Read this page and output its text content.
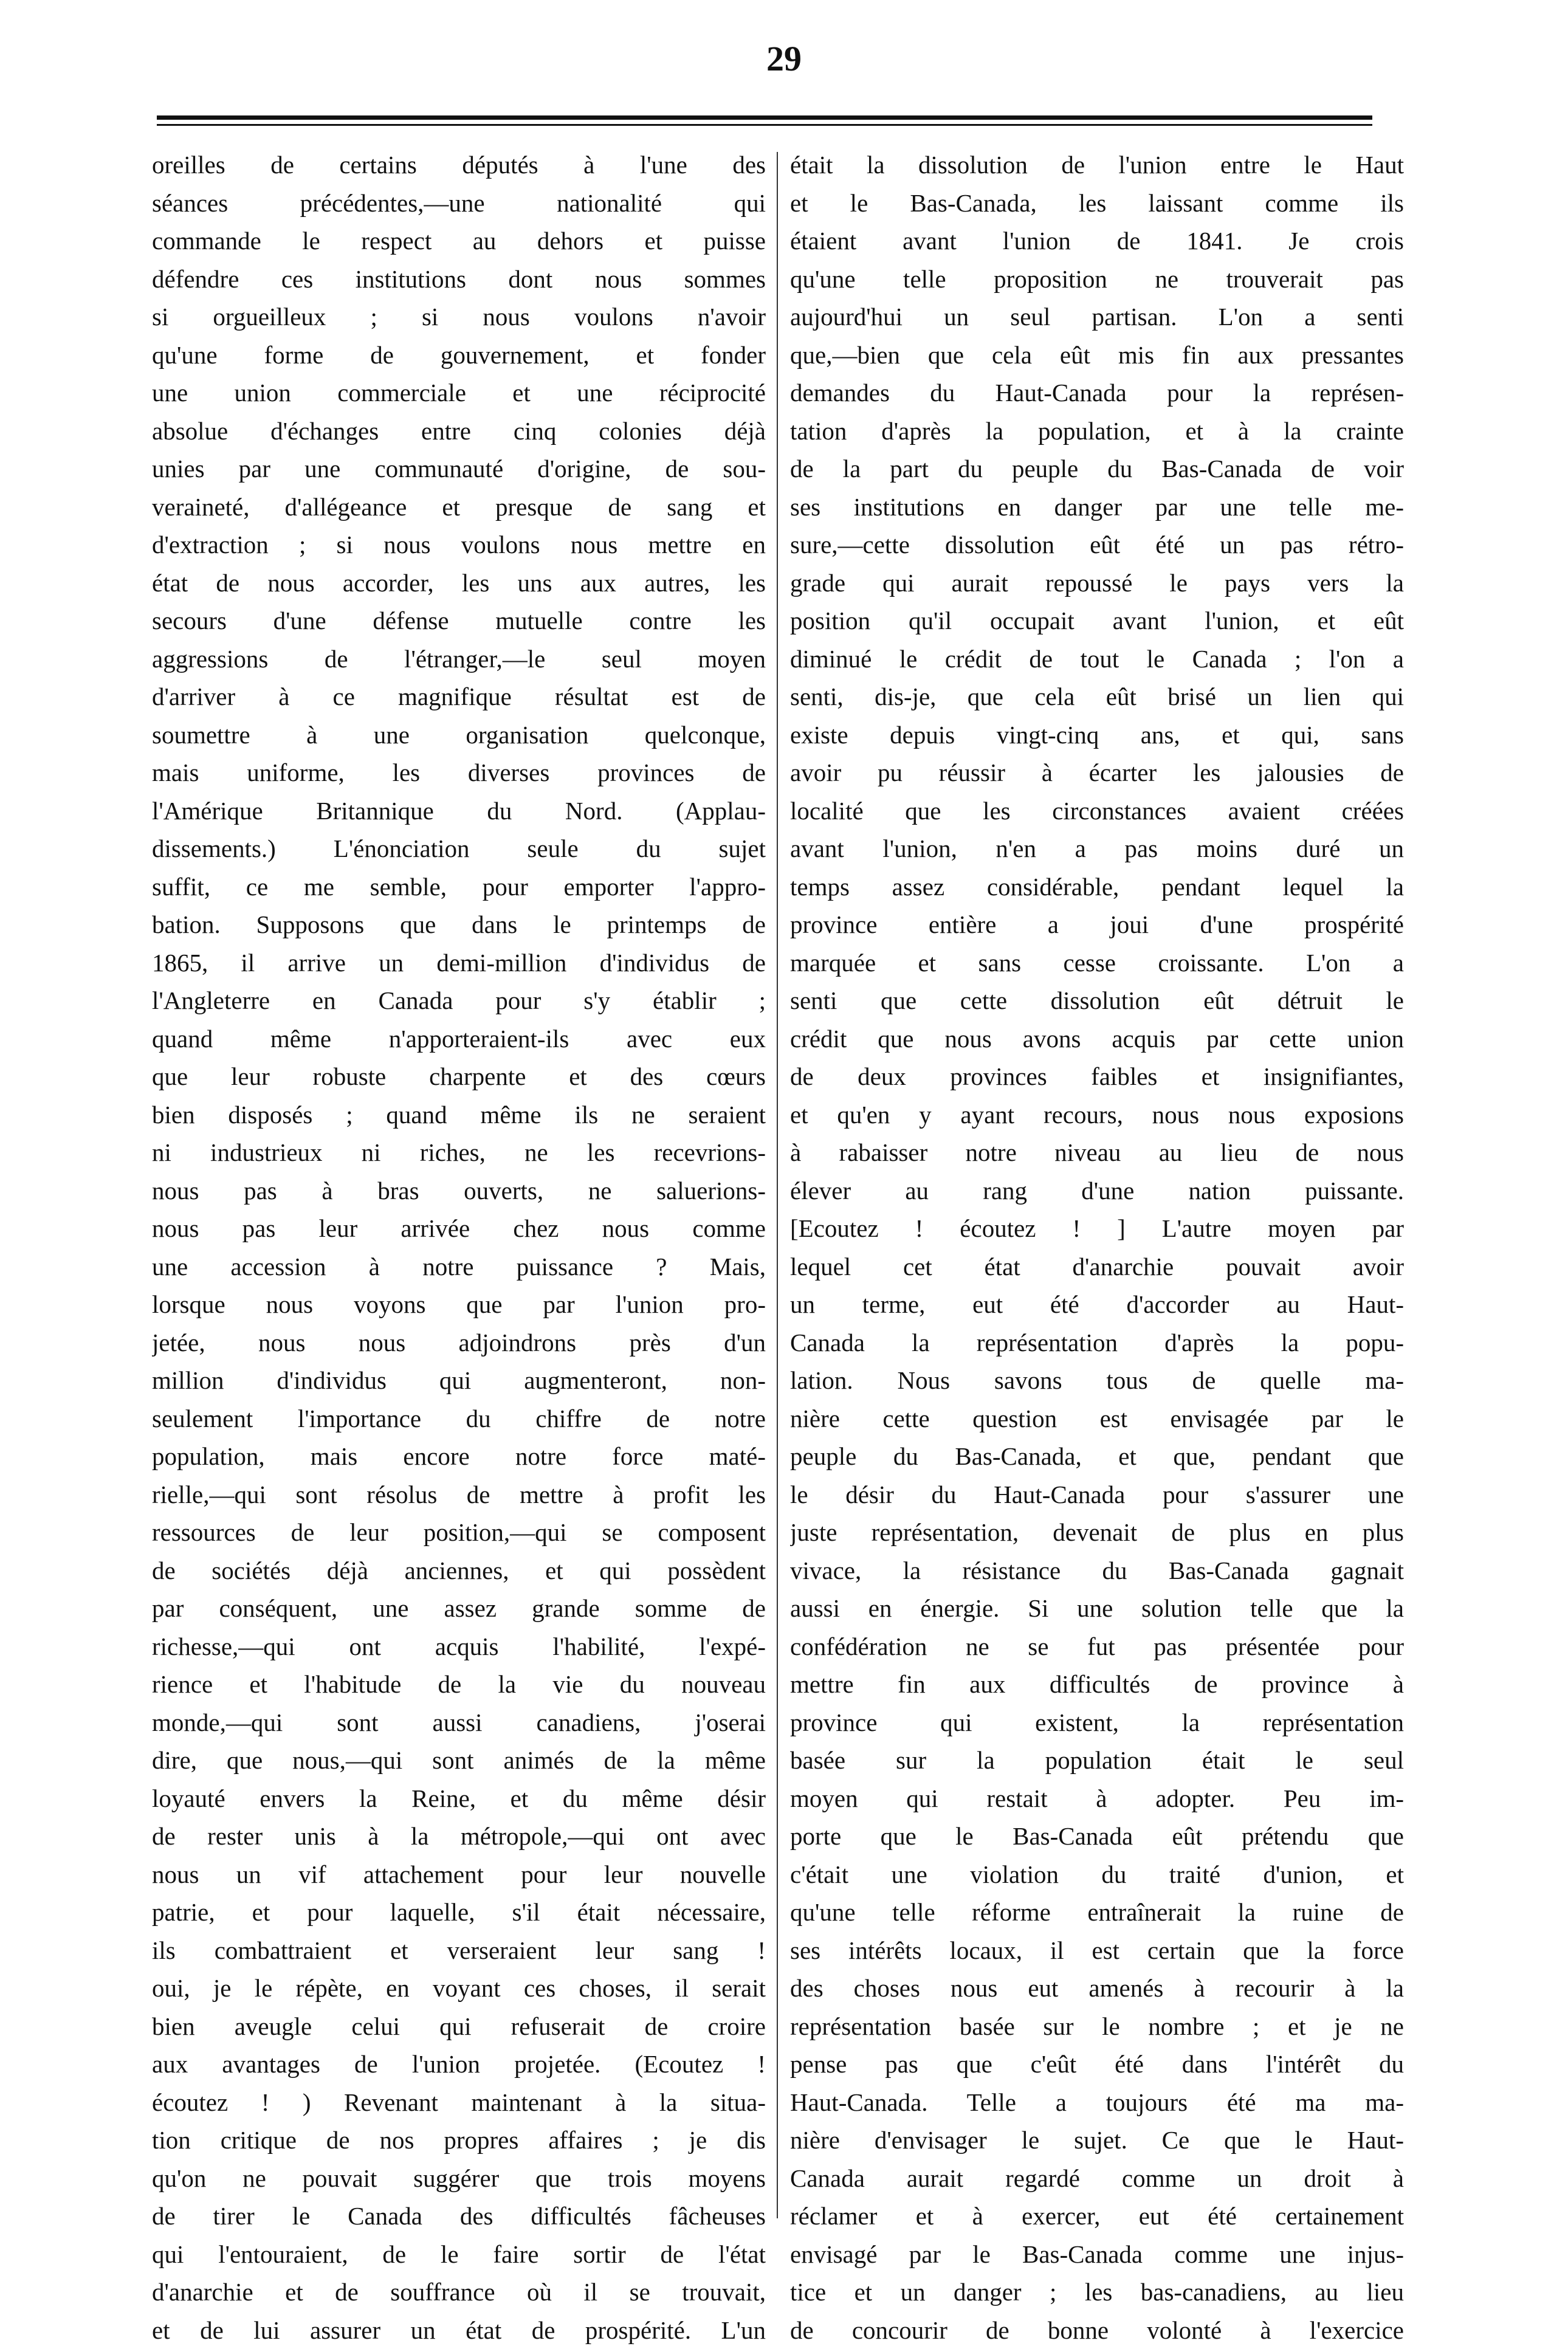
29
oreilles de certains députés à l'une des
séances précédentes,—une nationalité qui
commande le respect au dehors et puisse
défendre ces institutions dont nous sommes
si orgueilleux ; si nous voulons n'avoir
qu'une forme de gouvernement, et fonder
une union commerciale et une réciprocité
absolue d'échanges entre cinq colonies déjà
unies par une communauté d'origine, de sou-
veraineté, d'allégeance et presque de sang et
d'extraction ; si nous voulons nous mettre en
état de nous accorder, les uns aux autres, les
secours d'une défense mutuelle contre les
aggressions de l'étranger,—le seul moyen
d'arriver à ce magnifique résultat est de
soumettre à une organisation quelconque,
mais uniforme, les diverses provinces de
l'Amérique Britannique du Nord. (Applau-
dissements.) L'énonciation seule du sujet
suffit, ce me semble, pour emporter l'appro-
bation. Supposons que dans le printemps de
1865, il arrive un demi-million d'individus de
l'Angleterre en Canada pour s'y établir ;
quand même n'apporteraient-ils avec eux
que leur robuste charpente et des cœurs
bien disposés ; quand même ils ne seraient
ni industrieux ni riches, ne les recevrions-
nous pas à bras ouverts, ne saluerions-
nous pas leur arrivée chez nous comme
une accession à notre puissance ? Mais,
lorsque nous voyons que par l'union pro-
jetée, nous nous adjoindrons près d'un
million d'individus qui augmenteront, non-
seulement l'importance du chiffre de notre
population, mais encore notre force maté-
rielle,—qui sont résolus de mettre à profit les
ressources de leur position,—qui se composent
de sociétés déjà anciennes, et qui possèdent
par conséquent, une assez grande somme de
richesse,—qui ont acquis l'habilité, l'expé-
rience et l'habitude de la vie du nouveau
monde,—qui sont aussi canadiens, j'oserai
dire, que nous,—qui sont animés de la même
loyauté envers la Reine, et du même désir
de rester unis à la métropole,—qui ont avec
nous un vif attachement pour leur nouvelle
patrie, et pour laquelle, s'il était nécessaire,
ils combattraient et verseraient leur sang !
oui, je le répète, en voyant ces choses, il serait
bien aveugle celui qui refuserait de croire
aux avantages de l'union projetée. (Ecoutez !
écoutez ! ) Revenant maintenant à la situa-
tion critique de nos propres affaires ; je dis
qu'on ne pouvait suggérer que trois moyens
de tirer le Canada des difficultés fâcheuses
qui l'entouraient, de le faire sortir de l'état
d'anarchie et de souffrance où il se trouvait,
et de lui assurer un état de prospérité. L'un
était la dissolution de l'union entre le Haut
et le Bas-Canada, les laissant comme ils
étaient avant l'union de 1841. Je crois
qu'une telle proposition ne trouverait pas
aujourd'hui un seul partisan. L'on a senti
que,—bien que cela eût mis fin aux pressantes
demandes du Haut-Canada pour la représen-
tation d'après la population, et à la crainte
de la part du peuple du Bas-Canada de voir
ses institutions en danger par une telle me-
sure,—cette dissolution eût été un pas rétro-
grade qui aurait repoussé le pays vers la
position qu'il occupait avant l'union, et eût
diminué le crédit de tout le Canada ; l'on a
senti, dis-je, que cela eût brisé un lien qui
existe depuis vingt-cinq ans, et qui, sans
avoir pu réussir à écarter les jalousies de
localité que les circonstances avaient créées
avant l'union, n'en a pas moins duré un
temps assez considérable, pendant lequel la
province entière a joui d'une prospérité
marquée et sans cesse croissante. L'on a
senti que cette dissolution eût détruit le
crédit que nous avons acquis par cette union
de deux provinces faibles et insignifiantes,
et qu'en y ayant recours, nous nous exposions
à rabaisser notre niveau au lieu de nous
élever au rang d'une nation puissante.
[Ecoutez ! écoutez ! ] L'autre moyen par
lequel cet état d'anarchie pouvait avoir
un terme, eut été d'accorder au Haut-
Canada la représentation d'après la popu-
lation. Nous savons tous de quelle ma-
nière cette question est envisagée par le
peuple du Bas-Canada, et que, pendant que
le désir du Haut-Canada pour s'assurer une
juste représentation, devenait de plus en plus
vivace, la résistance du Bas-Canada gagnait
aussi en énergie. Si une solution telle que la
confédération ne se fut pas présentée pour
mettre fin aux difficultés de province à
province qui existent, la représentation
basée sur la population était le seul
moyen qui restait à adopter. Peu im-
porte que le Bas-Canada eût prétendu que
c'était une violation du traité d'union, et
qu'une telle réforme entraînerait la ruine de
ses intérêts locaux, il est certain que la force
des choses nous eut amenés à recourir à la
représentation basée sur le nombre ; et je ne
pense pas que c'eût été dans l'intérêt du
Haut-Canada. Telle a toujours été ma ma-
nière d'envisager le sujet. Ce que le Haut-
Canada aurait regardé comme un droit à
réclamer et à exercer, eut été certainement
envisagé par le Bas-Canada comme une injus-
tice et un danger ; les bas-canadiens, au lieu
de concourir de bonne volonté à l'exercice
